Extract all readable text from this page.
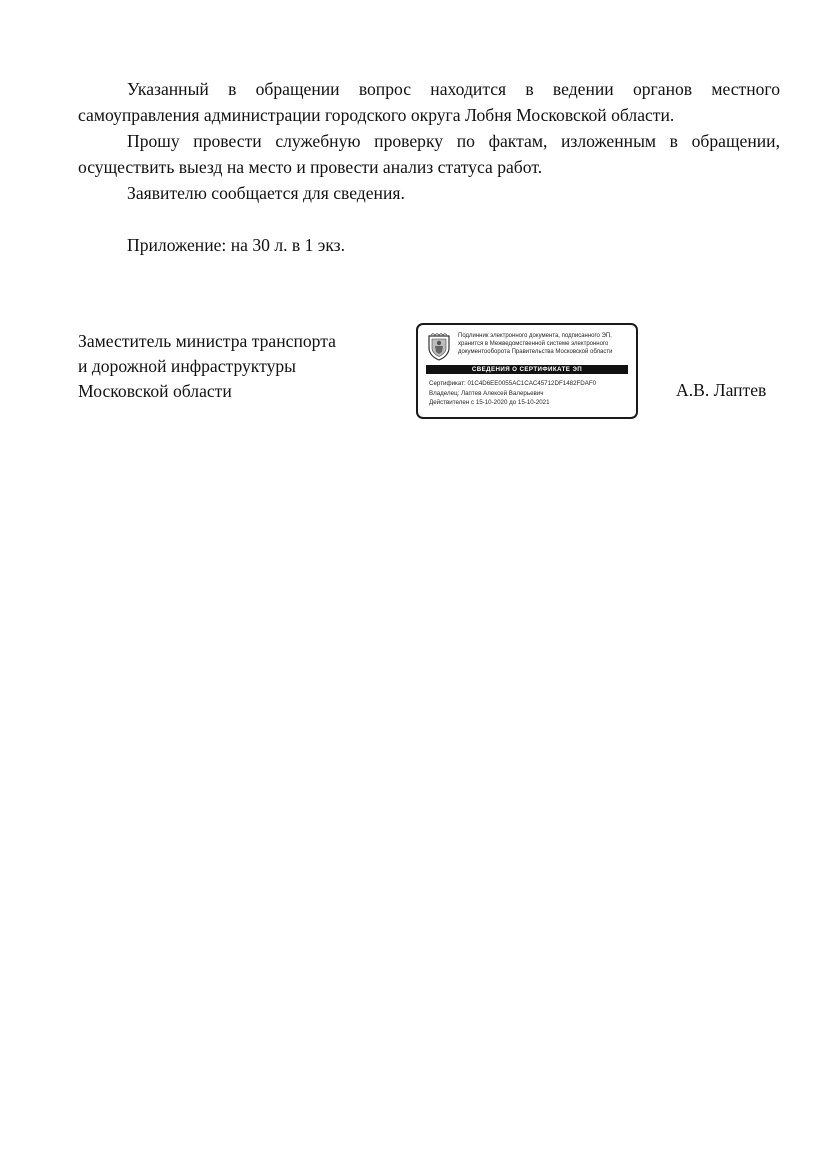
Указанный в обращении вопрос находится в ведении органов местного самоуправления администрации городского округа Лобня Московской области.

Прошу провести служебную проверку по фактам, изложенным в обращении, осуществить выезд на место и провести анализ статуса работ.

Заявителю сообщается для сведения.

Приложение: на 30 л. в 1 экз.

Заместитель министра транспорта
и дорожной инфраструктуры
Московской области
Подлинник электронного документа, подписанного ЭП,
хранится в Межведомственной системе электронного
документооборота Правительства Московской области
СВЕДЕНИЯ О СЕРТИФИКАТЕ ЭП
Сертификат: 01C4D6EE0055AC1CAC45712DF1482FDAF0
Владелец: Лаптев Алексей Валерьевич
Действителен с 15-10-2020 до 15-10-2021
А.В. Лаптев
